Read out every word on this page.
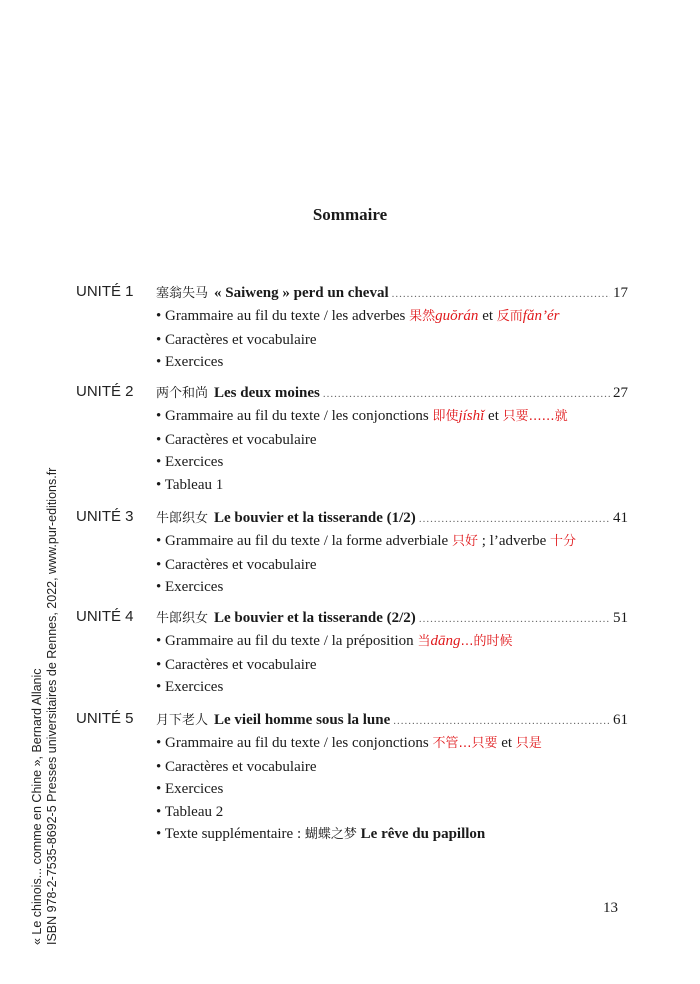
Sommaire
UNITÉ 1 塞翁失马 « Saiweng » perd un cheval .....	17
• Grammaire au fil du texte / les adverbes 果然guŏrán et 反而fǎn’ér
• Caractères et vocabulaire
• Exercices
UNITÉ 2 两个和尚 Les deux moines .....	27
• Grammaire au fil du texte / les conjonctions 即使jíshǐ et 只要……就
• Caractères et vocabulaire
• Exercices
• Tableau 1
UNITÉ 3 牛郎织女 Le bouvier et la tisserande (1/2) .....	41
• Grammaire au fil du texte / la forme adverbiale 只好 ; l’adverbe 十分
• Caractères et vocabulaire
• Exercices
UNITÉ 4 牛郎织女 Le bouvier et la tisserande (2/2) .....	51
• Grammaire au fil du texte / la préposition 当dāng…的时候
• Caractères et vocabulaire
• Exercices
UNITÉ 5 月下老人 Le vieil homme sous la lune .....	61
• Grammaire au fil du texte / les conjonctions 不管…只要 et 只是
• Caractères et vocabulaire
• Exercices
• Tableau 2
• Texte supplémentaire : 蝴蝶之梦 Le rêve du papillon
« Le chinois... comme en Chine », Bernard Allanic ISBN 978-2-7535-8692-5 Presses universitaires de Rennes, 2022, www.pur-editions.fr	13
